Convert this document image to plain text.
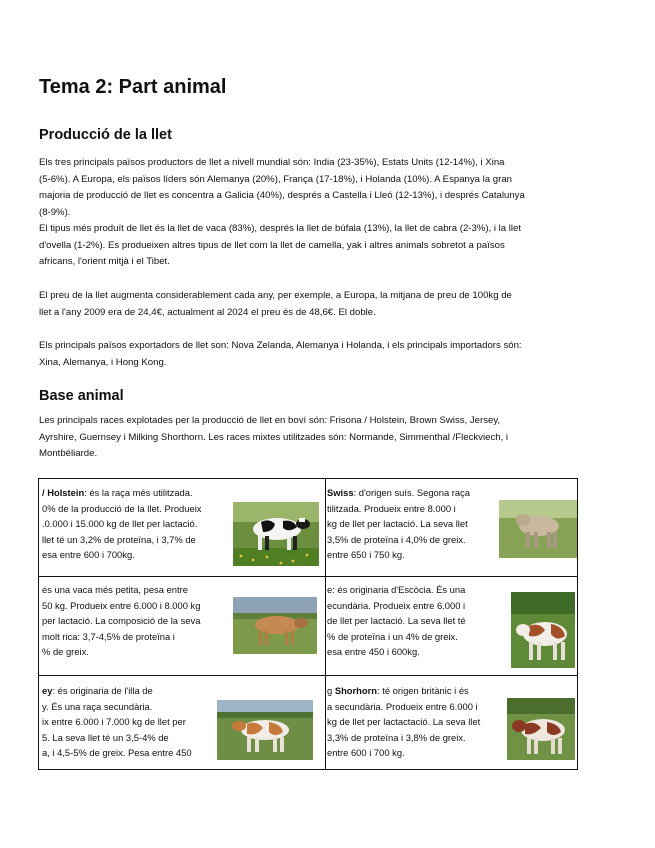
Tema 2: Part animal
Producció de la llet
Els tres principals països productors de llet a nivell mundial són: India (23-35%), Estats Units (12-14%), i Xina
(5-6%). A Europa, els països líders són Alemanya (20%), França (17-18%), i Holanda (10%). A Espanya la gran
majoria de producció de llet es concentra a Galicia (40%), després a Castella i Lleó (12-13%), i després Catalunya
(8-9%).
El tipus més produït de llet és la llet de vaca (83%), després la llet de búfala (13%), la llet de cabra (2-3%), i la llet
d'ovella (1-2%). Es produeixen altres tipus de llet com la llet de camella, yak i altres animals sobretot a països
africans, l'orient mitjà i el Tibet.
El preu de la llet augmenta considerablement cada any, per exemple, a Europa, la mitjana de preu de 100kg de
llet a l'any 2009 era de 24,4€, actualment al 2024 el preu és de 48,6€. El doble.
Els principals països exportadors de llet son: Nova Zelanda, Alemanya i Holanda, i els principals importadors són:
Xina, Alemanya, i Hong Kong.
Base animal
Les principals races explotades per la producció de llet en boví són: Frisona / Holstein, Brown Swiss, Jersey,
Ayrshire, Guernsey i Milking Shorthorn. Les races mixtes utilitzades són: Normande, Simmenthal /Fleckviech, i
Montbéliarde.
/ Holstein: és la raça més utilitzada.
0% de la producció de la llet. Produeix
.0.000 i 15.000 kg de llet per lactació.
llet té un 3,2% de proteïna, i 3,7% de
esa entre 600 i 700kg.
Swiss: d'origen suís. Segona raça
tilitzada. Produeix entre 8.000 i
kg de llet per lactació. La seva llet
3,5% de proteïna i 4,0% de greix.
entre 650 i 750 kg.
és una vaca més petita, pesa entre
50 kg. Produeix entre 6.000 i 8.000 kg
per lactació. La composició de la seva
molt rica: 3,7-4,5% de proteïna i
% de greix.
e: és originaria d'Escòcia. És una
ecundària. Produeix entre 6.000 i
de llet per lactació. La seva llet té
% de proteïna i un 4% de greix.
esa entre 450 i 600kg.
ey: és originaria de l'illa de
y. És una raça secundària.
ix entre 6.000 i 7.000 kg de llet per
5. La seva llet té un 3,5-4% de
a, i 4,5-5% de greix. Pesa entre 450
g Shorhorn: té origen britànic i és
a secundària. Produeix entre 6.000 i
kg de llet per lactactació. La seva llet
3,3% de proteïna i 3,8% de greix.
entre 600 i 700 kg.
